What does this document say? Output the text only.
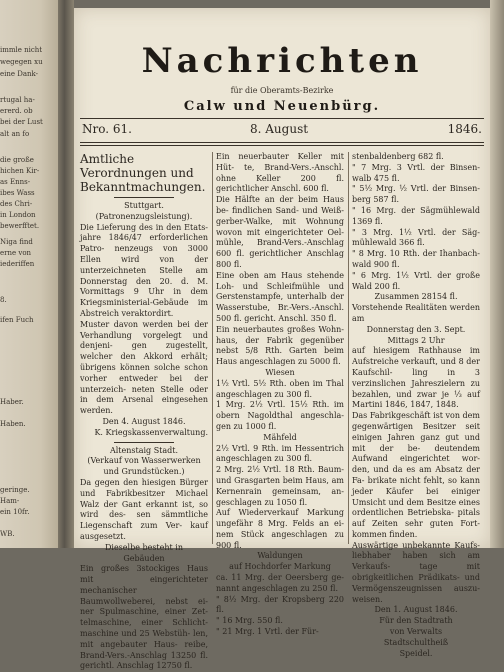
immle nicht
wegegen xu
eine Dank-
rtugal ha-
ererd. ob
bei der Lust
alt an fo
die große
hichen Kir-
as Enns-
ibes Wass
des Chri-
in London
bewerfftet.
Niga find
erne von
iederiffen
8.
ifen Fuch
Haber.
Haben.
geringe.
Ham-
ein 10fr.
WB.
Nachrichten
für die Oberamts-Bezirke
Calw und Neuenbürg.
Nro. 61.	8. August	1846.
Amtliche Verordnungen und Bekanntmachungen.

Stuttgart.

(Patronenzugsleistung).

Die Lieferung des in den Etats- jahre 1846/47 erforderlichen Patro- nenzeugs von 3000 Ellen wird von der unterzeichneten Stelle am Donnerstag den 20. d. M. Vormittags 9 Uhr in dem Kriegsministerial-Gebäude im Abstreich veraktordirt.

Muster davon werden bei der Verhandlung vorgelegt und denjeni- gen zugestellt, welcher den Akkord erhält; übrigens können solche schon vorher entweder bei der unterzeich- neten Stelle oder in dem Arsenal eingesehen werden.

Den 4. August 1846.

K. Kriegskassenverwaltung.

Altenstaig Stadt.

(Verkauf von Wasserwerken und Grundstücken.)

Da gegen den hiesigen Bürger und Fabrikbesitzer Michael Walz der Gant erkannt ist, so wird des- sen sämmtliche Liegenschaft zum Ver- kauf ausgesetzt.

Dieselbe besteht in

Gebäuden

Ein großes 3stockiges Haus mit eingerichteter mechanischer Baumwollweberei, nebst ei- ner Spulmaschine, einer Zet- telmaschine, einer Schlicht- maschine und 25 Webstüh- len, mit angebauter Haus- reibe, Brand-Vers.-Anschlag 13250 fl. gerichtl. Anschlag 12750 fl.

Ein neuerbauter Keller mit Hüt- te, Brand-Vers.-Anschl. ohne Keller 200 fl. gerichtlicher Anschl. 600 fl.

Die Hälfte an der beim Haus be- findlichen Sand- und Weiß- gerber-Walke, mit Wohnung wovon mit eingerichteter Oel- mühle, Brand-Vers.-Anschlag 600 fl. gerichtlicher Anschlag 800 fl.

Eine oben am Haus stehende Loh- und Schleifmühle und Gerstenstampfe, unterhalb der Wasserstube, Br.-Vers.-Anschl. 500 fl. gericht. Anschl. 350 fl.

Ein neuerbautes großes Wohn- haus, der Fabrik gegenüber nebst 5/8 Rth. Garten beim Haus angeschlagen zu 5000 fl.

Wiesen

1½ Vrtl. 5½ Rth. oben im Thal angeschlagen zu 300 fl.

1 Mrg. 2½ Vrtl. 15½ Rth. im obern Nagoldthal angeschla- gen zu 1000 fl.

Mähfeld

2½ Vrtl. 9 Rth. im Hessentrich angeschlagen zu 300 fl.

2 Mrg. 2½ Vrtl. 18 Rth. Baum- und Grasgarten beim Haus, am Kernenrain gemeinsam, an- geschlagen zu 1050 fl.

Auf Wiederverkauf Markung ungefähr 8 Mrg. Felds an ei- nem Stück angeschlagen zu 900 fl.

Waldungen

auf Hochdorfer Markung

ca. 11 Mrg. der Oeersberg ge- nannt angeschlagen zu 250 fl.

" 8½ Mrg. der Kropsberg 220 fl.

" 16 Mrg. 550 fl.

" 21 Mrg. 1 Vrtl. der Für-

stenbaldenberg 682 fl.

" 7 Mrg. 3 Vrtl. der Binsen- walb 475 fl.

" 5½ Mrg. ½ Vrtl. der Binsen- berg 587 fl.

" 16 Mrg. der Sägmühlewald 1369 fl.

" 3 Mrg. 1½ Vrtl. der Säg- mühlewald 366 fl.

" 8 Mrg. 10 Rth. der Ihanbach- wald 900 fl.

" 6 Mrg. 1½ Vrtl. der große Wald 200 fl.

Zusammen 28154 fl.

Vorstehende Realitäten werden am

Donnerstag den 3. Sept. Mittags 2 Uhr

auf hiesigem Rathhause im Aufstreiche verkauft, und 8 der Kaufschil- ling in 3 verzinslichen Jahreszielern zu bezahlen, und zwar je ⅓ auf Martini 1846, 1847, 1848.

Das Fabrikgeschäft ist von dem gegenwärtigen Besitzer seit einigen Jahren ganz gut und mit der be- deutendem Aufwand eingerichtet wor- den, und da es am Absatz der Fa- brikate nicht fehlt, so kann jeder Käufer bei einiger Umsicht und dem Besitze eines ordentlichen Betriebska- pitals auf Zeiten sehr guten Fort- kommen finden.

Auswärtige unbekannte Kaufs- liebhaber haben sich am Verkaufs- tage mit obrigkeitlichen Prädikats- und Vermögenszeugnissen auszu- weisen.

Den 1. August 1846.

Für den Stadtrath

von Verwalts

Stadtschultheiß

Speidel.
